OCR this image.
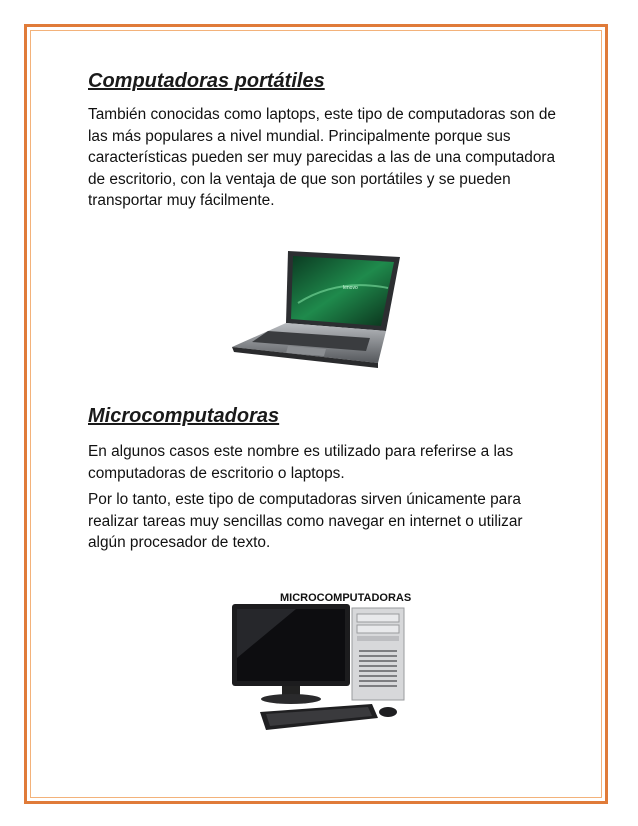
Computadoras portátiles

También conocidas como laptops, este tipo de computadoras son de las más populares a nivel mundial. Principalmente porque sus características pueden ser muy parecidas a las de una computadora de escritorio, con la ventaja de que son portátiles y se pueden transportar muy fácilmente.

lenovo
Microcomputadoras

En algunos casos este nombre es utilizado para referirse a las computadoras de escritorio o laptops.

Por lo tanto, este tipo de computadoras sirven únicamente para realizar tareas muy sencillas como navegar en internet o utilizar algún procesador de texto.

MICROCOMPUTADORAS
